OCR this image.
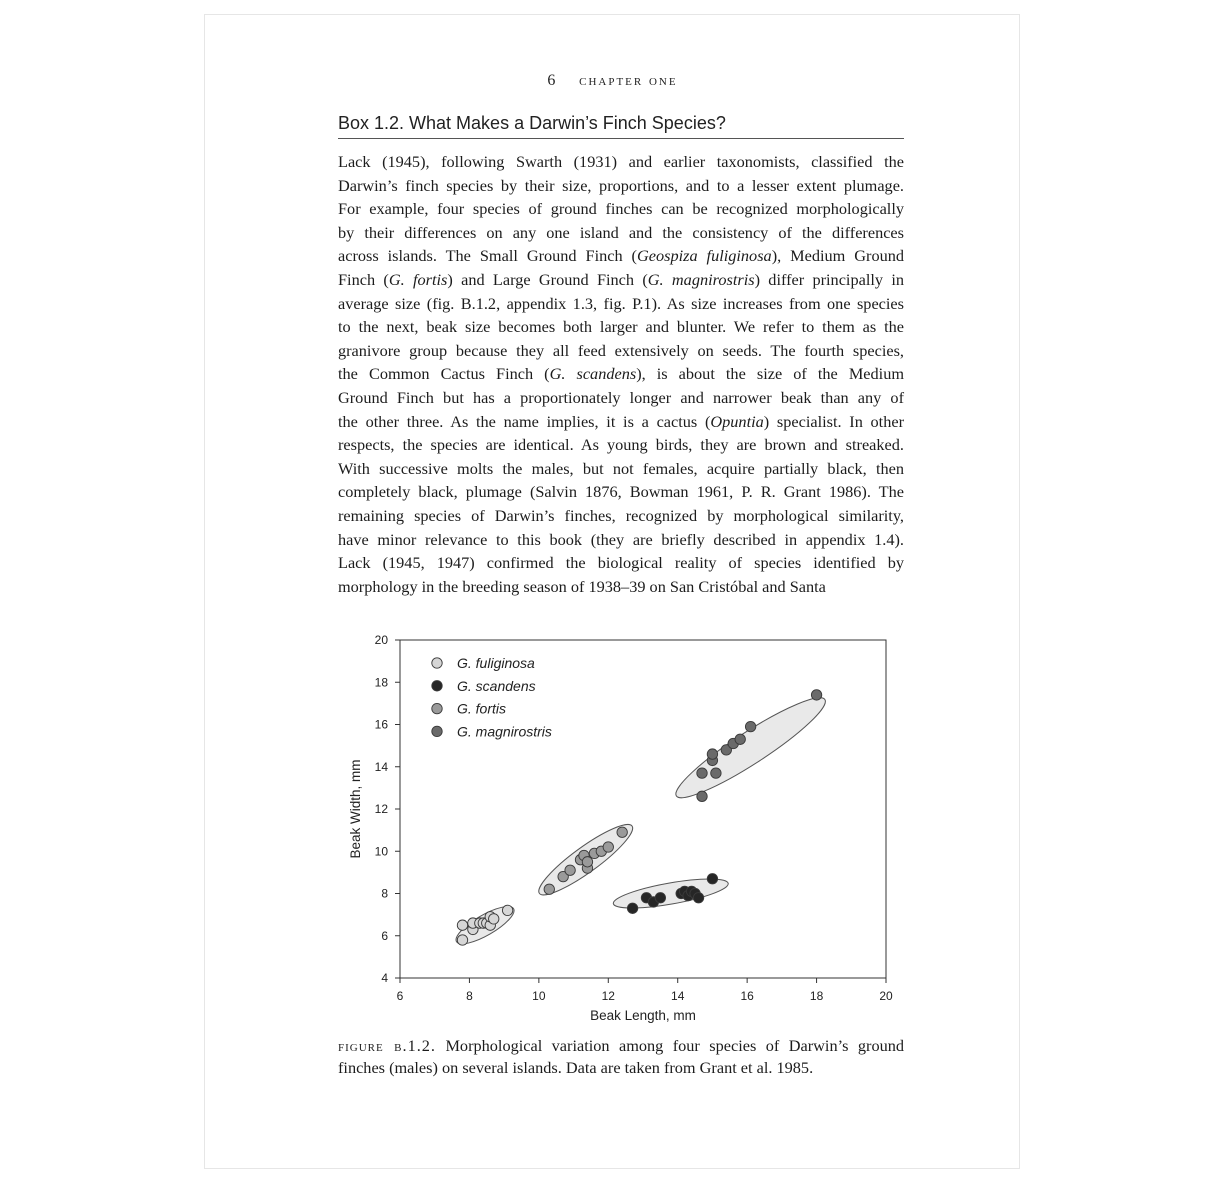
6 chapter one
Box 1.2. What Makes a Darwin’s Finch Species?

Lack (1945), following Swarth (1931) and earlier taxonomists, classified the
Darwin’s finch species by their size, proportions, and to a lesser extent plumage.
For example, four species of ground finches can be recognized morphologically
by their differences on any one island and the consistency of the differences
across islands. The Small Ground Finch (Geospiza fuliginosa), Medium Ground
Finch (G. fortis) and Large Ground Finch (G. magnirostris) differ principally in
average size (fig. B.1.2, appendix 1.3, fig. P.1). As size increases from one species
to the next, beak size becomes both larger and blunter. We refer to them as the
granivore group because they all feed extensively on seeds. The fourth species,
the Common Cactus Finch (G. scandens), is about the size of the Medium
Ground Finch but has a proportionately longer and narrower beak than any of
the other three. As the name implies, it is a cactus (Opuntia) specialist. In other
respects, the species are identical. As young birds, they are brown and streaked.
With successive molts the males, but not females, acquire partially black, then
completely black, plumage (Salvin 1876, Bowman 1961, P. R. Grant 1986). The
remaining species of Darwin’s finches, recognized by morphological similarity,
have minor relevance to this book (they are briefly described in appendix 1.4).
Lack (1945, 1947) confirmed the biological reality of species identified by
morphology in the breeding season of 1938–39 on San Cristóbal and Santa

6	8	10	12	14	16	18	20
4
6
8
10
12
14
16
18
20
Beak Length, mm
Beak Width, mm
G. fuliginosa
G. scandens
G. fortis
G. magnirostris

figure b.1.2. Morphological variation among four species of Darwin’s ground
finches (males) on several islands. Data are taken from Grant et al. 1985.
